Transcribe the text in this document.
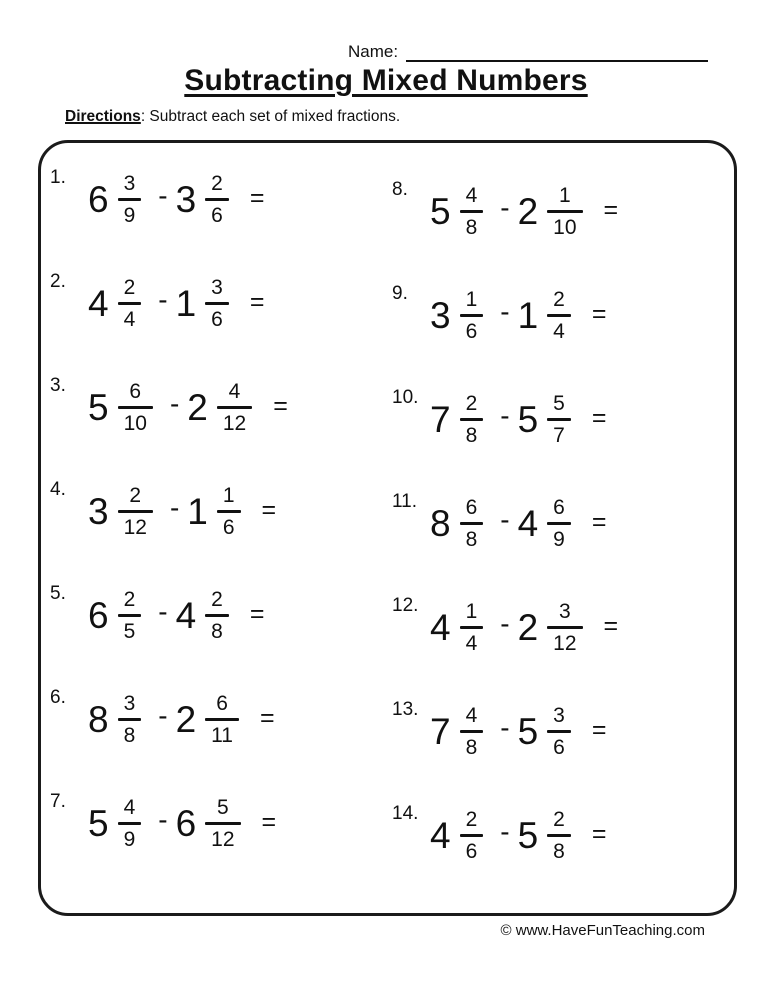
Name:
Subtracting Mixed Numbers
Directions: Subtract each set of mixed fractions.
1.
$6 \frac{3}{9} - 3 \frac{2}{6}$ =
2.
$4 \frac{2}{4} - 1 \frac{3}{6}$ =
3.
$5 \frac{6}{10} - 2 \frac{4}{12}$ =
4.
$3 \frac{2}{12} - 1 \frac{1}{6}$ =
5.
$6 \frac{2}{5} - 4 \frac{2}{8}$ =
6.
$8 \frac{3}{8} - 2 \frac{6}{11}$ =
7.
$5 \frac{4}{9} - 6 \frac{5}{12}$ =
8.
$5 \frac{4}{8} - 2 \frac{1}{10}$ =
9.
$3 \frac{1}{6} - 1 \frac{2}{4}$ =
10.
$7 \frac{2}{8} - 5 \frac{5}{7}$ =
11.
$8 \frac{6}{8} - 4 \frac{6}{9}$ =
12.
$4 \frac{1}{4} - 2 \frac{3}{12}$ =
13.
$7 \frac{4}{8} - 5 \frac{3}{6}$ =
14.
$4 \frac{2}{6} - 5 \frac{2}{8}$ =
© www.HaveFunTeaching.com
